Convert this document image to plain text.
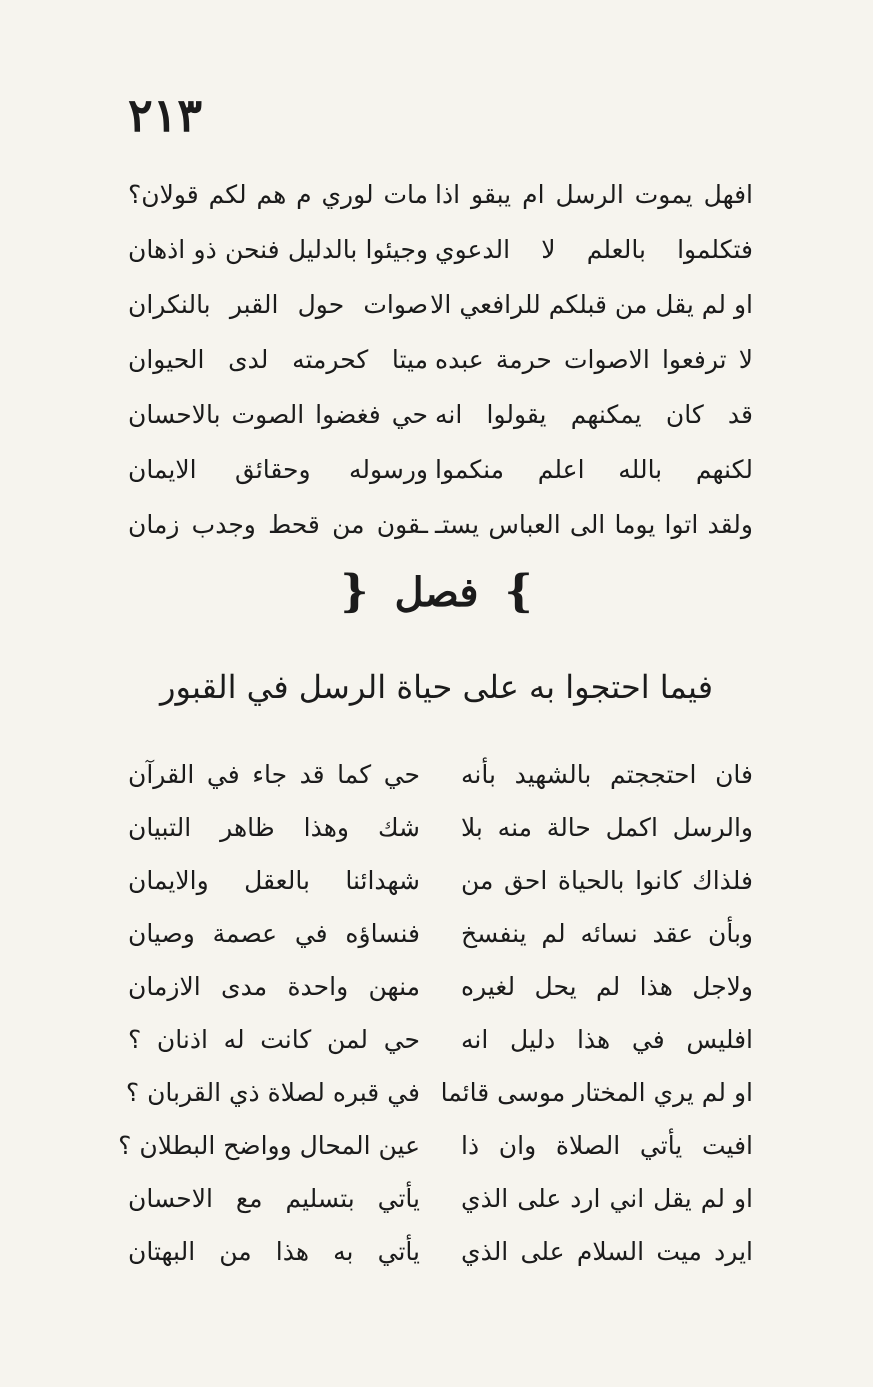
٢١٣
افهل يموت الرسل ام يبقو اذا
مات لوري م هم لكم قولان؟
فتكلموا بالعلم لا الدعوي
وجيئوا بالدليل فنحن ذو اذهان
او لم يقل من قبلكم للرافعي الا
صوات حول القبر بالنكران
لا ترفعوا الاصوات حرمة عبده
ميتا كحرمته لدى الحيوان
قد كان يمكنهم يقولوا انه
حي فغضوا الصوت بالاحسان
لكنهم بالله اعلم منكموا
ورسوله وحقائق الايمان
ولقد اتوا يوما الى العباس يستـ
ـقون من قحط وجدب زمان
} فصل {
فيما احتجوا به على حياة الرسل في القبور
فان احتججتم بالشهيد بأنه
حي كما قد جاء في القرآن
والرسل اكمل حالة منه بلا
شك وهذا ظاهر التبيان
فلذاك كانوا بالحياة احق من
شهدائنا بالعقل والايمان
وبأن عقد نسائه لم ينفسخ
فنساؤه في عصمة وصيان
ولاجل هذا لم يحل لغيره
منهن واحدة مدى الازمان
افليس في هذا دليل انه
حي لمن كانت له اذنان ؟
او لم يري المختار موسى قائما
في قبره لصلاة ذي القربان ؟
افيت يأتي الصلاة وان ذا
عين المحال وواضح البطلان ؟
او لم يقل اني ارد على الذي
يأتي بتسليم مع الاحسان
ايرد ميت السلام على الذي
يأتي به هذا من البهتان
